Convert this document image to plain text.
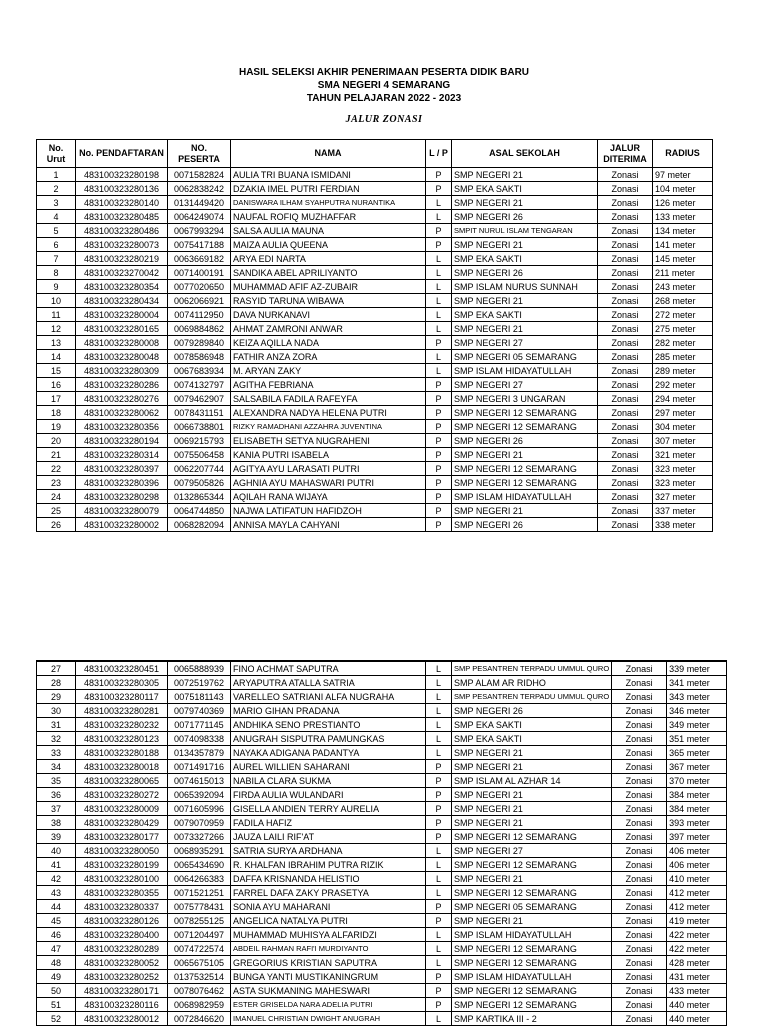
HASIL SELEKSI AKHIR PENERIMAAN PESERTA DIDIK BARU
SMA NEGERI 4 SEMARANG
TAHUN PELAJARAN 2022 - 2023
JALUR ZONASI
No. Urut	No. PENDAFTARAN	NO. PESERTA	NAMA	L / P	ASAL SEKOLAH	JALUR DITERIMA	RADIUS
1	483100323280198	0071582824	AULIA TRI BUANA ISMIDANI	P	SMP NEGERI 21	Zonasi	97 meter
2	483100323280136	0062838242	DZAKIA IMEL PUTRI FERDIAN	P	SMP EKA SAKTI	Zonasi	104 meter
3	483100323280140	0131449420	DANISWARA ILHAM SYAHPUTRA NURANTIKA	L	SMP NEGERI 21	Zonasi	126 meter
4	483100323280485	0064249074	NAUFAL ROFIQ MUZHAFFAR	L	SMP NEGERI 26	Zonasi	133 meter
5	483100323280486	0067993294	SALSA AULIA MAUNA	P	SMPIT NURUL ISLAM TENGARAN	Zonasi	134 meter
6	483100323280073	0075417188	MAIZA AULIA QUEENA	P	SMP NEGERI 21	Zonasi	141 meter
7	483100323280219	0063669182	ARYA EDI NARTA	L	SMP EKA SAKTI	Zonasi	145 meter
8	483100323270042	0071400191	SANDIKA ABEL APRILIYANTO	L	SMP NEGERI 26	Zonasi	211 meter
9	483100323280354	0077020650	MUHAMMAD AFIF AZ-ZUBAIR	L	SMP ISLAM NURUS SUNNAH	Zonasi	243 meter
10	483100323280434	0062066921	RASYID TARUNA WIBAWA	L	SMP NEGERI 21	Zonasi	268 meter
11	483100323280004	0074112950	DAVA NURKANAVI	L	SMP EKA SAKTI	Zonasi	272 meter
12	483100323280165	0069884862	AHMAT ZAMRONI ANWAR	L	SMP NEGERI 21	Zonasi	275 meter
13	483100323280008	0079289840	KEIZA AQILLA NADA	P	SMP NEGERI 27	Zonasi	282 meter
14	483100323280048	0078586948	FATHIR ANZA ZORA	L	SMP NEGERI 05 SEMARANG	Zonasi	285 meter
15	483100323280309	0067683934	M. ARYAN ZAKY	L	SMP ISLAM HIDAYATULLAH	Zonasi	289 meter
16	483100323280286	0074132797	AGITHA FEBRIANA	P	SMP NEGERI 27	Zonasi	292 meter
17	483100323280276	0079462907	SALSABILA FADILA RAFEYFA	P	SMP NEGERI 3 UNGARAN	Zonasi	294 meter
18	483100323280062	0078431151	ALEXANDRA NADYA HELENA PUTRI	P	SMP NEGERI 12 SEMARANG	Zonasi	297 meter
19	483100323280356	0066738801	RIZKY RAMADHANI AZZAHRA JUVENTINA	P	SMP NEGERI 12 SEMARANG	Zonasi	304 meter
20	483100323280194	0069215793	ELISABETH SETYA NUGRAHENI	P	SMP NEGERI 26	Zonasi	307 meter
21	483100323280314	0075506458	KANIA PUTRI ISABELA	P	SMP NEGERI 21	Zonasi	321 meter
22	483100323280397	0062207744	AGITYA AYU LARASATI PUTRI	P	SMP NEGERI 12 SEMARANG	Zonasi	323 meter
23	483100323280396	0079505826	AGHNIA AYU MAHASWARI PUTRI	P	SMP NEGERI 12 SEMARANG	Zonasi	323 meter
24	483100323280298	0132865344	AQILAH RANA WIJAYA	P	SMP ISLAM HIDAYATULLAH	Zonasi	327 meter
25	483100323280079	0064744850	NAJWA LATIFATUN HAFIDZOH	P	SMP NEGERI 21	Zonasi	337 meter
26	483100323280002	0068282094	ANNISA MAYLA CAHYANI	P	SMP NEGERI 26	Zonasi	338 meter
27	483100323280451	0065888939	FINO ACHMAT SAPUTRA	L	SMP PESANTREN TERPADU UMMUL QURO	Zonasi	339 meter
28	483100323280305	0072519762	ARYAPUTRA ATALLA SATRIA	L	SMP ALAM AR RIDHO	Zonasi	341 meter
29	483100323280117	0075181143	VARELLEO SATRIANI ALFA NUGRAHA	L	SMP PESANTREN TERPADU UMMUL QURO	Zonasi	343 meter
30	483100323280281	0079740369	MARIO GIHAN PRADANA	L	SMP NEGERI 26	Zonasi	346 meter
31	483100323280232	0071771145	ANDHIKA SENO PRESTIANTO	L	SMP EKA SAKTI	Zonasi	349 meter
32	483100323280123	0074098338	ANUGRAH SISPUTRA PAMUNGKAS	L	SMP EKA SAKTI	Zonasi	351 meter
33	483100323280188	0134357879	NAYAKA ADIGANA PADANTYA	L	SMP NEGERI 21	Zonasi	365 meter
34	483100323280018	0071491716	AUREL WILLIEN SAHARANI	P	SMP NEGERI 21	Zonasi	367 meter
35	483100323280065	0074615013	NABILA CLARA SUKMA	P	SMP ISLAM AL AZHAR 14	Zonasi	370 meter
36	483100323280272	0065392094	FIRDA AULIA WULANDARI	P	SMP NEGERI 21	Zonasi	384 meter
37	483100323280009	0071605996	GISELLA ANDIEN TERRY AURELIA	P	SMP NEGERI 21	Zonasi	384 meter
38	483100323280429	0079070959	FADILA HAFIZ	P	SMP NEGERI 21	Zonasi	393 meter
39	483100323280177	0073327266	JAUZA LAILI RIF'AT	P	SMP NEGERI 12 SEMARANG	Zonasi	397 meter
40	483100323280050	0068935291	SATRIA SURYA ARDHANA	L	SMP NEGERI 27	Zonasi	406 meter
41	483100323280199	0065434690	R. KHALFAN IBRAHIM PUTRA RIZIK	L	SMP NEGERI 12 SEMARANG	Zonasi	406 meter
42	483100323280100	0064266383	DAFFA KRISNANDA HELISTIO	L	SMP NEGERI 21	Zonasi	410 meter
43	483100323280355	0071521251	FARREL DAFA ZAKY PRASETYA	L	SMP NEGERI 12 SEMARANG	Zonasi	412 meter
44	483100323280337	0075778431	SONIA AYU MAHARANI	P	SMP NEGERI 05 SEMARANG	Zonasi	412 meter
45	483100323280126	0078255125	ANGELICA NATALYA PUTRI	P	SMP NEGERI 21	Zonasi	419 meter
46	483100323280400	0071204497	MUHAMMAD MUHISYA ALFARIDZI	L	SMP ISLAM HIDAYATULLAH	Zonasi	422 meter
47	483100323280289	0074722574	ABDEIL RAHMAN RAFI'I MURDIYANTO	L	SMP NEGERI 12 SEMARANG	Zonasi	422 meter
48	483100323280052	0065675105	GREGORIUS KRISTIAN SAPUTRA	L	SMP NEGERI 12 SEMARANG	Zonasi	428 meter
49	483100323280252	0137532514	BUNGA YANTI MUSTIKANINGRUM	P	SMP ISLAM HIDAYATULLAH	Zonasi	431 meter
50	483100323280171	0078076462	ASTA SUKMANING MAHESWARI	P	SMP NEGERI 12 SEMARANG	Zonasi	433 meter
51	483100323280116	0068982959	ESTER GRISELDA NARA ADELIA PUTRI	P	SMP NEGERI 12 SEMARANG	Zonasi	440 meter
52	483100323280012	0072846620	IMANUEL CHRISTIAN DWIGHT ANUGRAH	L	SMP KARTIKA III - 2	Zonasi	440 meter
